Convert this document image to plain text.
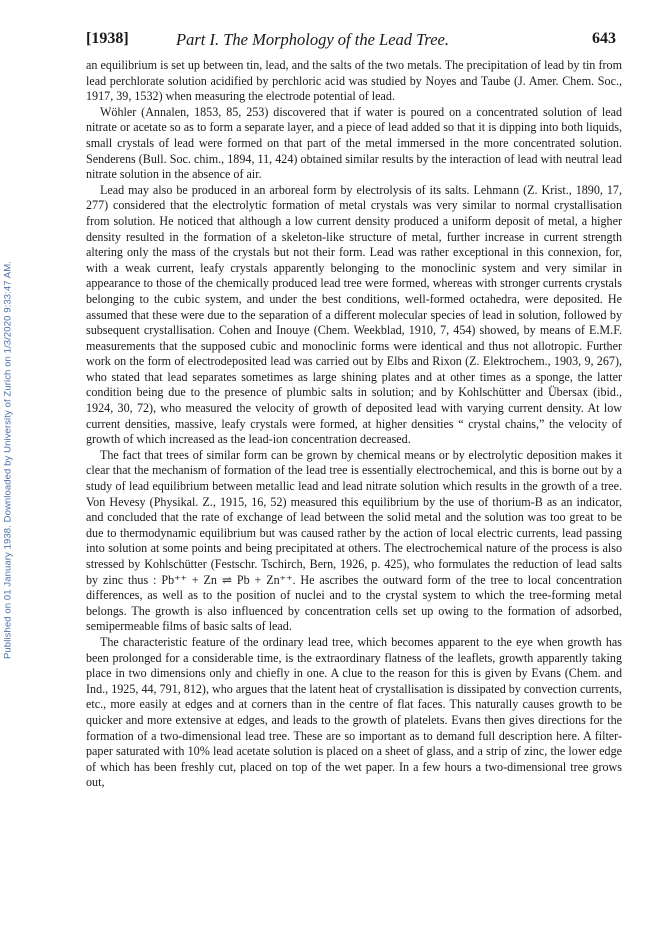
Published on 01 January 1938. Downloaded by University of Zurich on 1/3/2020 9:33:47 AM.
[1938]	Part I. The Morphology of the Lead Tree.	643

an equilibrium is set up between tin, lead, and the salts of the two metals. The precipitation of lead by tin from lead perchlorate solution acidified by perchloric acid was studied by Noyes and Taube (J. Amer. Chem. Soc., 1917, 39, 1532) when measuring the electrode potential of lead.

Wöhler (Annalen, 1853, 85, 253) discovered that if water is poured on a concentrated solution of lead nitrate or acetate so as to form a separate layer, and a piece of lead added so that it is dipping into both liquids, small crystals of lead were formed on that part of the metal immersed in the more concentrated solution. Senderens (Bull. Soc. chim., 1894, 11, 424) obtained similar results by the interaction of lead with neutral lead nitrate solution in the absence of air.

Lead may also be produced in an arboreal form by electrolysis of its salts. Lehmann (Z. Krist., 1890, 17, 277) considered that the electrolytic formation of metal crystals was very similar to normal crystallisation from solution. He noticed that although a low current density produced a uniform deposit of metal, a higher density resulted in the formation of a skeleton-like structure of metal, further increase in current strength altering only the mass of the crystals but not their form. Lead was rather exceptional in this connexion, for, with a weak current, leafy crystals apparently belonging to the monoclinic system and very similar in appearance to those of the chemically produced lead tree were formed, whereas with stronger currents crystals belonging to the cubic system, and under the best conditions, well-formed octahedra, were deposited. He assumed that these were due to the separation of a different molecular species of lead in solution, followed by subsequent crystallisation. Cohen and Inouye (Chem. Weekblad, 1910, 7, 454) showed, by means of E.M.F. measurements that the supposed cubic and monoclinic forms were identical and thus not allotropic. Further work on the form of electrodeposited lead was carried out by Elbs and Rixon (Z. Elektrochem., 1903, 9, 267), who stated that lead separates sometimes as large shining plates and at other times as a sponge, the latter condition being due to the presence of plumbic salts in solution; and by Kohlschütter and Übersax (ibid., 1924, 30, 72), who measured the velocity of growth of deposited lead with varying current density. At low current densities, massive, leafy crystals were formed, at higher densities “ crystal chains,” the velocity of growth of which increased as the lead-ion concentration decreased.

The fact that trees of similar form can be grown by chemical means or by electrolytic deposition makes it clear that the mechanism of formation of the lead tree is essentially electrochemical, and this is borne out by a study of lead equilibrium between metallic lead and lead nitrate solution which results in the growth of a tree. Von Hevesy (Physikal. Z., 1915, 16, 52) measured this equilibrium by the use of thorium-B as an indicator, and concluded that the rate of exchange of lead between the solid metal and the solution was too great to be due to thermodynamic equilibrium but was caused rather by the action of local electric currents, lead passing into solution at some points and being precipitated at others. The electrochemical nature of the process is also stressed by Kohlschütter (Festschr. Tschirch, Bern, 1926, p. 425), who formulates the reduction of lead salts by zinc thus : Pb⁺⁺ + Zn ⇌ Pb + Zn⁺⁺. He ascribes the outward form of the tree to local concentration differences, as well as to the position of nuclei and to the crystal system to which the tree-forming metal belongs. The growth is also influenced by concentration cells set up owing to the formation of adsorbed, semipermeable films of basic salts of lead.

The characteristic feature of the ordinary lead tree, which becomes apparent to the eye when growth has been prolonged for a considerable time, is the extraordinary flatness of the leaflets, growth apparently taking place in two dimensions only and chiefly in one. A clue to the reason for this is given by Evans (Chem. and Ind., 1925, 44, 791, 812), who argues that the latent heat of crystallisation is dissipated by convection currents, etc., more easily at edges and at corners than in the centre of flat faces. This naturally causes growth to be quicker and more extensive at edges, and leads to the growth of platelets. Evans then gives directions for the formation of a two-dimensional lead tree. These are so important as to demand full description here. A filter-paper saturated with 10% lead acetate solution is placed on a sheet of glass, and a strip of zinc, the lower edge of which has been freshly cut, placed on top of the wet paper. In a few hours a two-dimensional tree grows out,
